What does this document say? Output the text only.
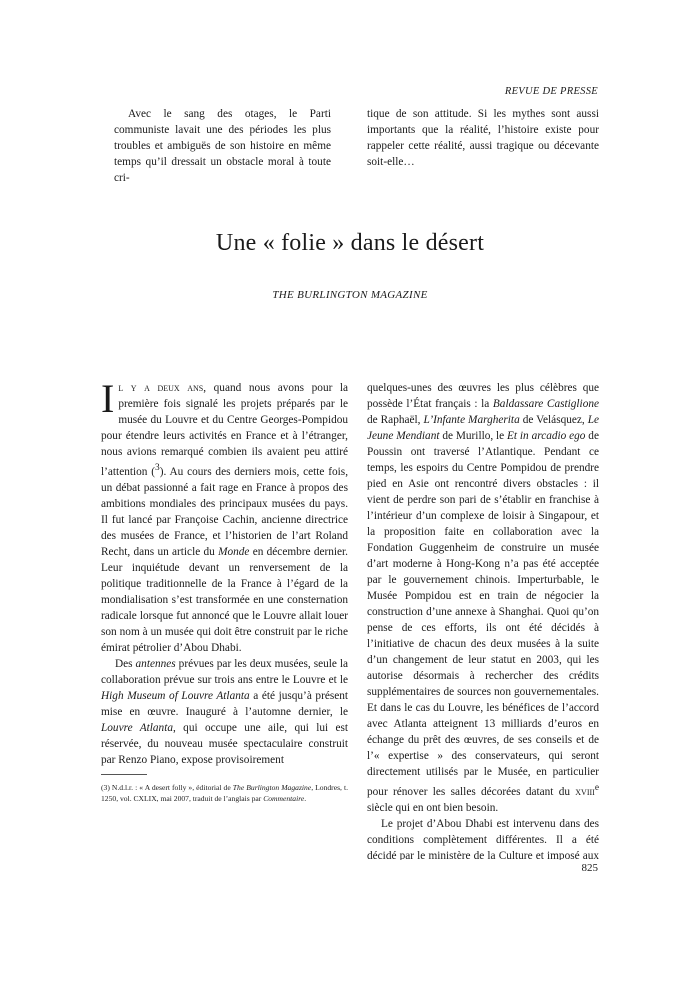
REVUE DE PRESSE

Avec le sang des otages, le Parti communiste lavait une des périodes les plus troubles et ambiguës de son histoire en même temps qu’il dressait un obstacle moral à toute cri-

tique de son attitude. Si les mythes sont aussi importants que la réalité, l’histoire existe pour rappeler cette réalité, aussi tragique ou décevante soit-elle…

Une « folie » dans le désert
THE BURLINGTON MAGAZINE

Il y a deux ans, quand nous avons pour la première fois signalé les projets préparés par le musée du Louvre et du Centre Georges-Pompidou pour étendre leurs activités en France et à l’étranger, nous avions remarqué combien ils avaient peu attiré l’attention ($^3$). Au cours des derniers mois, cette fois, un débat passionné a fait rage en France à propos des ambitions mondiales des principaux musées du pays. Il fut lancé par Françoise Cachin, ancienne directrice des musées de France, et l’historien de l’art Roland Recht, dans un article du Monde en décembre dernier. Leur inquiétude devant un renversement de la politique traditionnelle de la France à l’égard de la mondialisation s’est transformée en une consternation radicale lorsque fut annoncé que le Louvre allait louer son nom à un musée qui doit être construit par le riche émirat pétrolier d’Abou Dhabi.

Des antennes prévues par les deux musées, seule la collaboration prévue sur trois ans entre le Louvre et le High Museum of Louvre Atlanta a été jusqu’à présent mise en œuvre. Inauguré à l’automne dernier, le Louvre Atlanta, qui occupe une aile, qui lui est réservée, du nouveau musée spectaculaire construit par Renzo Piano, expose provisoirement

quelques-unes des œuvres les plus célèbres que possède l’État français : la Baldassare Castiglione de Raphaël, L’Infante Margherita de Velásquez, Le Jeune Mendiant de Murillo, le Et in arcadio ego de Poussin ont traversé l’Atlantique. Pendant ce temps, les espoirs du Centre Pompidou de prendre pied en Asie ont rencontré divers obstacles : il vient de perdre son pari de s’établir en franchise à l’intérieur d’un complexe de loisir à Singapour, et la proposition faite en collaboration avec la Fondation Guggenheim de construire un musée d’art moderne à Hong-Kong n’a pas été acceptée par le gouvernement chinois. Imperturbable, le Musée Pompidou est en train de négocier la construction d’une annexe à Shanghai. Quoi qu’on pense de ces efforts, ils ont été décidés à l’initiative de chacun des deux musées à la suite d’un changement de leur statut en 2003, qui les autorise désormais à rechercher des crédits supplémentaires de sources non gouvernementales. Et dans le cas du Louvre, les bénéfices de l’accord avec Atlanta atteignent 13 milliards d’euros en échange du prêt des œuvres, de ses conseils et de l’« expertise » des conservateurs, qui seront directement utilisés par le Musée, en particulier pour rénover les salles décorées datant du xviii$^e$ siècle qui en ont bien besoin.

Le projet d’Abou Dhabi est intervenu dans des conditions complètement différentes. Il a été décidé par le ministère de la Culture et imposé aux

(3) N.d.l.r. : « A desert folly », éditorial de The Burlington Magazine, Londres, t. 1250, vol. CXLIX, mai 2007, traduit de l’anglais par Commentaire.
825
